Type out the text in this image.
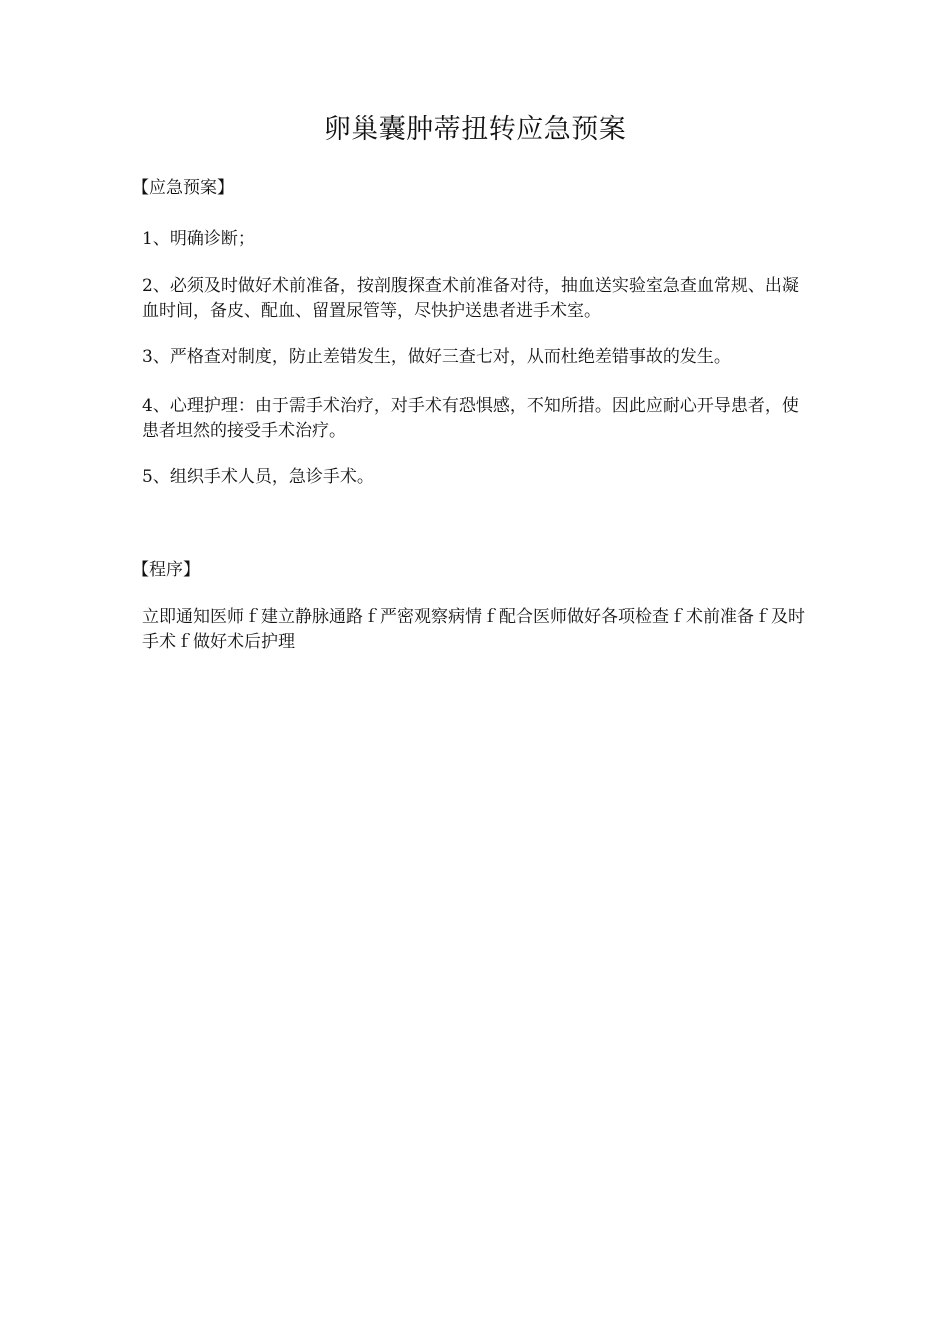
卵巢囊肿蒂扭转应急预案
【应急预案】
1、明确诊断；
2、必须及时做好术前准备，按剖腹探查术前准备对待，抽血送实验室急查血常规、出凝血时间，备皮、配血、留置尿管等，尽快护送患者进手术室。
3、严格查对制度，防止差错发生，做好三查七对，从而杜绝差错事故的发生。
4、心理护理：由于需手术治疗，对手术有恐惧感，不知所措。因此应耐心开导患者，使患者坦然的接受手术治疗。
5、组织手术人员，急诊手术。
【程序】
立即通知医师ｆ建立静脉通路ｆ严密观察病情ｆ配合医师做好各项检查ｆ术前准备ｆ及时手术ｆ做好术后护理
